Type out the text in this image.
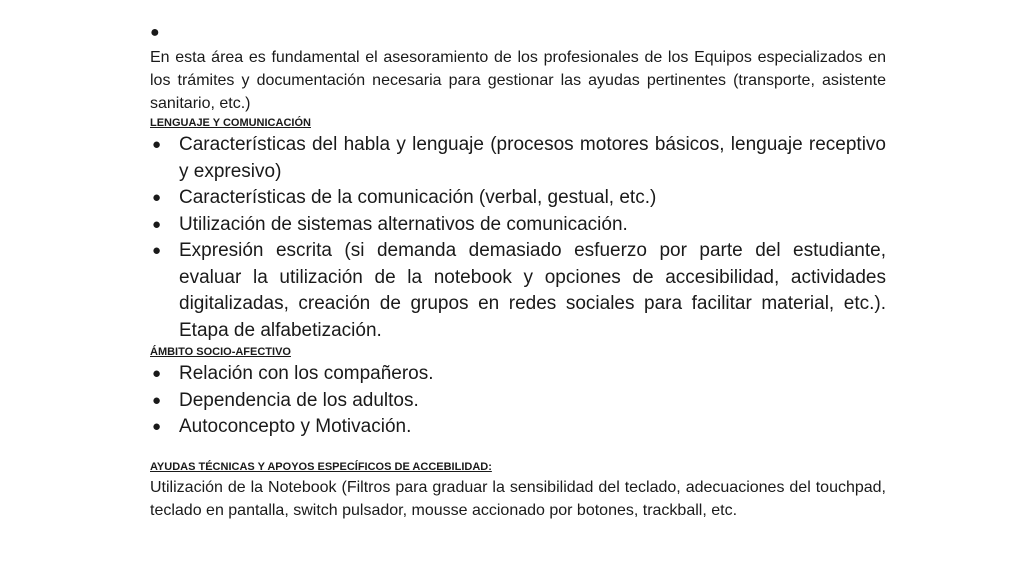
●

En esta área es fundamental el asesoramiento de los profesionales de los Equipos especializados en los trámites y documentación necesaria para gestionar las ayudas pertinentes (transporte, asistente sanitario, etc.)

LENGUAJE Y COMUNICACIÓN
● Características del habla y lenguaje (procesos motores básicos, lenguaje receptivo y expresivo)
● Características de la comunicación (verbal, gestual, etc.)
● Utilización de sistemas alternativos de comunicación.
● Expresión escrita (si demanda demasiado esfuerzo por parte del estudiante, evaluar la utilización de la notebook y opciones de accesibilidad, actividades digitalizadas, creación de grupos en redes sociales para facilitar material, etc.). Etapa de alfabetización.
ÁMBITO SOCIO-AFECTIVO
● Relación con los compañeros.
● Dependencia de los adultos.
● Autoconcepto y Motivación.
AYUDAS TÉCNICAS Y APOYOS ESPECÍFICOS DE ACCEBILIDAD:

Utilización de la Notebook (Filtros para graduar la sensibilidad del teclado, adecuaciones del touchpad, teclado en pantalla, switch pulsador, mousse accionado por botones, trackball, etc.
